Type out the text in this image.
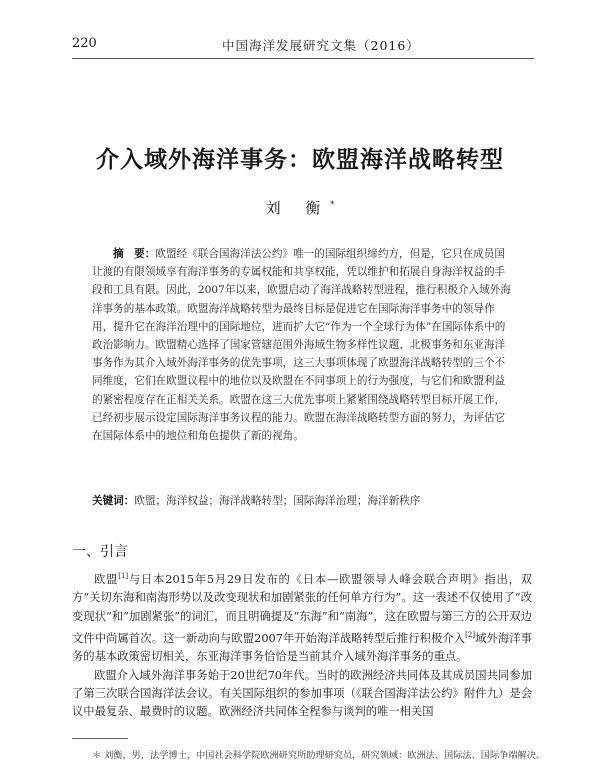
220	中国海洋发展研究文集（2016）
介入域外海洋事务：欧盟海洋战略转型
刘 衡*
摘　要：欧盟经《联合国海洋法公约》唯一的国际组织缔约方，但是，它只在成员国让渡的有限领域享有海洋事务的专属权能和共享权能，凭以维护和拓展自身海洋权益的手段和工具有限。因此，2007年以来，欧盟启动了海洋战略转型进程，推行积极介入域外海洋事务的基本政策。欧盟海洋战略转型为最终目标是促进它在国际海洋事务中的领导作用，提升它在海洋治理中的国际地位，进而扩大它“作为一个全球行为体”在国际体系中的政治影响力。欧盟精心选择了国家管辖范围外海域生物多样性议题、北极事务和东亚海洋事务作为其介入域外海洋事务的优先事项，这三大事项体现了欧盟海洋战略转型的三个不同维度，它们在欧盟议程中的地位以及欧盟在不同事项上的行为强度，与它们和欧盟利益的紧密程度存在正相关关系。欧盟在这三大优先事项上紧紧围绕战略转型目标开展工作，已经初步展示设定国际海洋事务议程的能力。欧盟在海洋战略转型方面的努力，为评估它在国际体系中的地位和角色提供了新的视角。
关键词：欧盟；海洋权益；海洋战略转型；国际海洋治理；海洋新秩序
一、引言

欧盟[1]与日本2015年5月29日发布的《日本—欧盟领导人峰会联合声明》指出，双方“关切东海和南海形势以及改变现状和加剧紧张的任何单方行为”。这一表述不仅使用了“改变现状”和“加剧紧张”的词汇，而且明确提及“东海”和“南海”，这在欧盟与第三方的公开双边文件中尚属首次。这一新动向与欧盟2007年开始海洋战略转型后推行积极介入[2]域外海洋事务的基本政策密切相关，东亚海洋事务恰恰是当前其介入域外海洋事务的重点。

欧盟介入域外海洋事务始于20世纪70年代。当时的欧洲经济共同体及其成员国共同参加了第三次联合国海洋法会议。有关国际组织的参加事项（《联合国海洋法公约》附件九）是会议中最复杂、最费时的议题。欧洲经济共同体全程参与谈判的唯一相关国

＊ 刘衡，男，法学博士，中国社会科学院欧洲研究所助理研究员，研究领域：欧洲法、国际法、国际争端解决。
